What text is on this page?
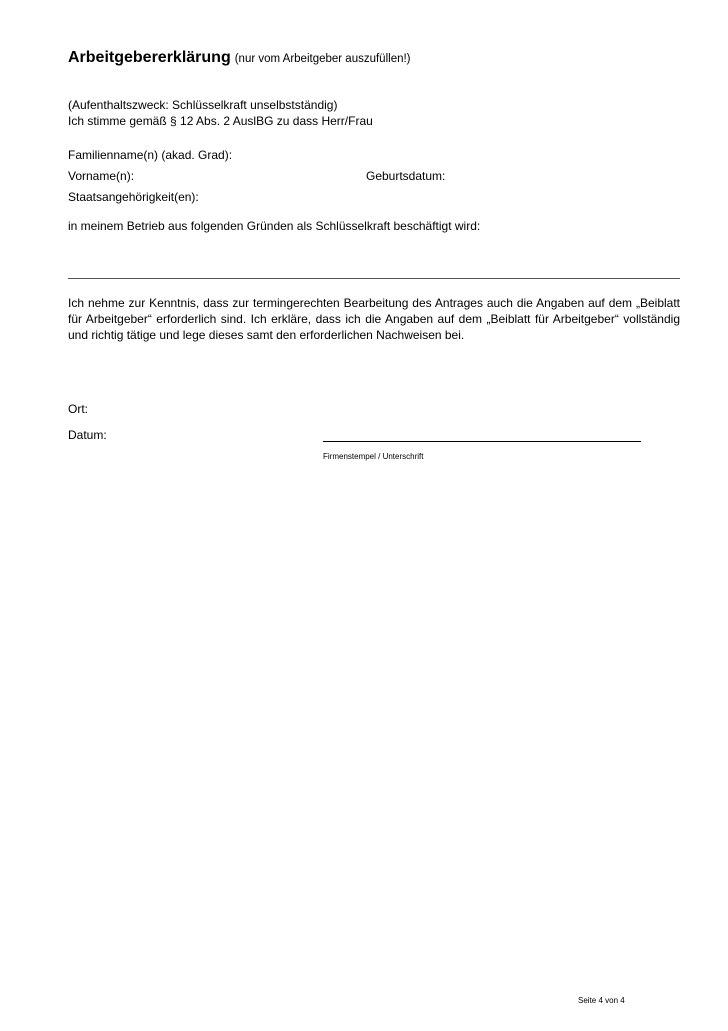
Arbeitgebererklärung (nur vom Arbeitgeber auszufüllen!)
(Aufenthaltszweck: Schlüsselkraft unselbstständig)
Ich stimme gemäß § 12 Abs. 2 AuslBG zu dass Herr/Frau
Familienname(n) (akad. Grad):
Vorname(n):	Geburtsdatum:
Staatsangehörigkeit(en):
in meinem Betrieb aus folgenden Gründen als Schlüsselkraft beschäftigt wird:
Ich nehme zur Kenntnis, dass zur termingerechten Bearbeitung des Antrages auch die Angaben auf dem „Beiblatt für Arbeitgeber“ erforderlich sind. Ich erkläre, dass ich die Angaben auf dem „Beiblatt für Arbeitgeber“ vollständig und richtig tätige und lege dieses samt den erforderlichen Nachweisen bei.
Ort:
Datum:
Firmenstempel / Unterschrift
Seite 4 von 4
